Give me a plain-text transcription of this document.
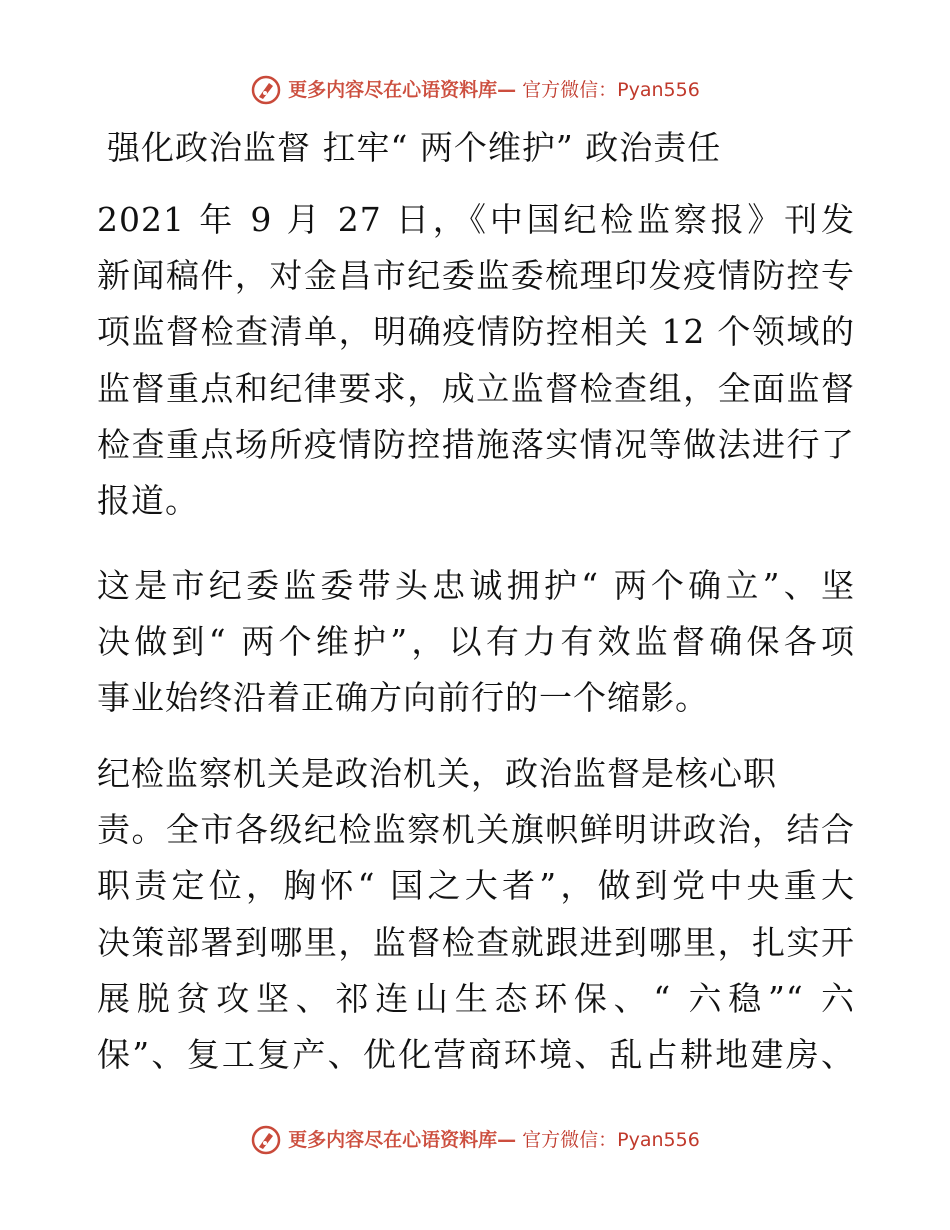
更多内容尽在心语资料库— 官方微信：Pyan556
强化政治监督 扛牢“ 两个维护” 政治责任
2021 年 9 月 27 日，《中国纪检监察报》刊发
新闻稿件，对金昌市纪委监委梳理印发疫情防控专
项监督检查清单，明确疫情防控相关 12 个领域的
监督重点和纪律要求，成立监督检查组，全面监督
检查重点场所疫情防控措施落实情况等做法进行了
报道。
这是市纪委监委带头忠诚拥护“ 两个确立”、坚
决做到“ 两个维护”，以有力有效监督确保各项
事业始终沿着正确方向前行的一个缩影。
纪检监察机关是政治机关，政治监督是核心职
责。全市各级纪检监察机关旗帜鲜明讲政治，结合
职责定位，胸怀“ 国之大者”，做到党中央重大
决策部署到哪里，监督检查就跟进到哪里，扎实开
展脱贫攻坚、祁连山生态环保、“ 六稳”“ 六
保”、复工复产、优化营商环境、乱占耕地建房、
更多内容尽在心语资料库— 官方微信：Pyan556
